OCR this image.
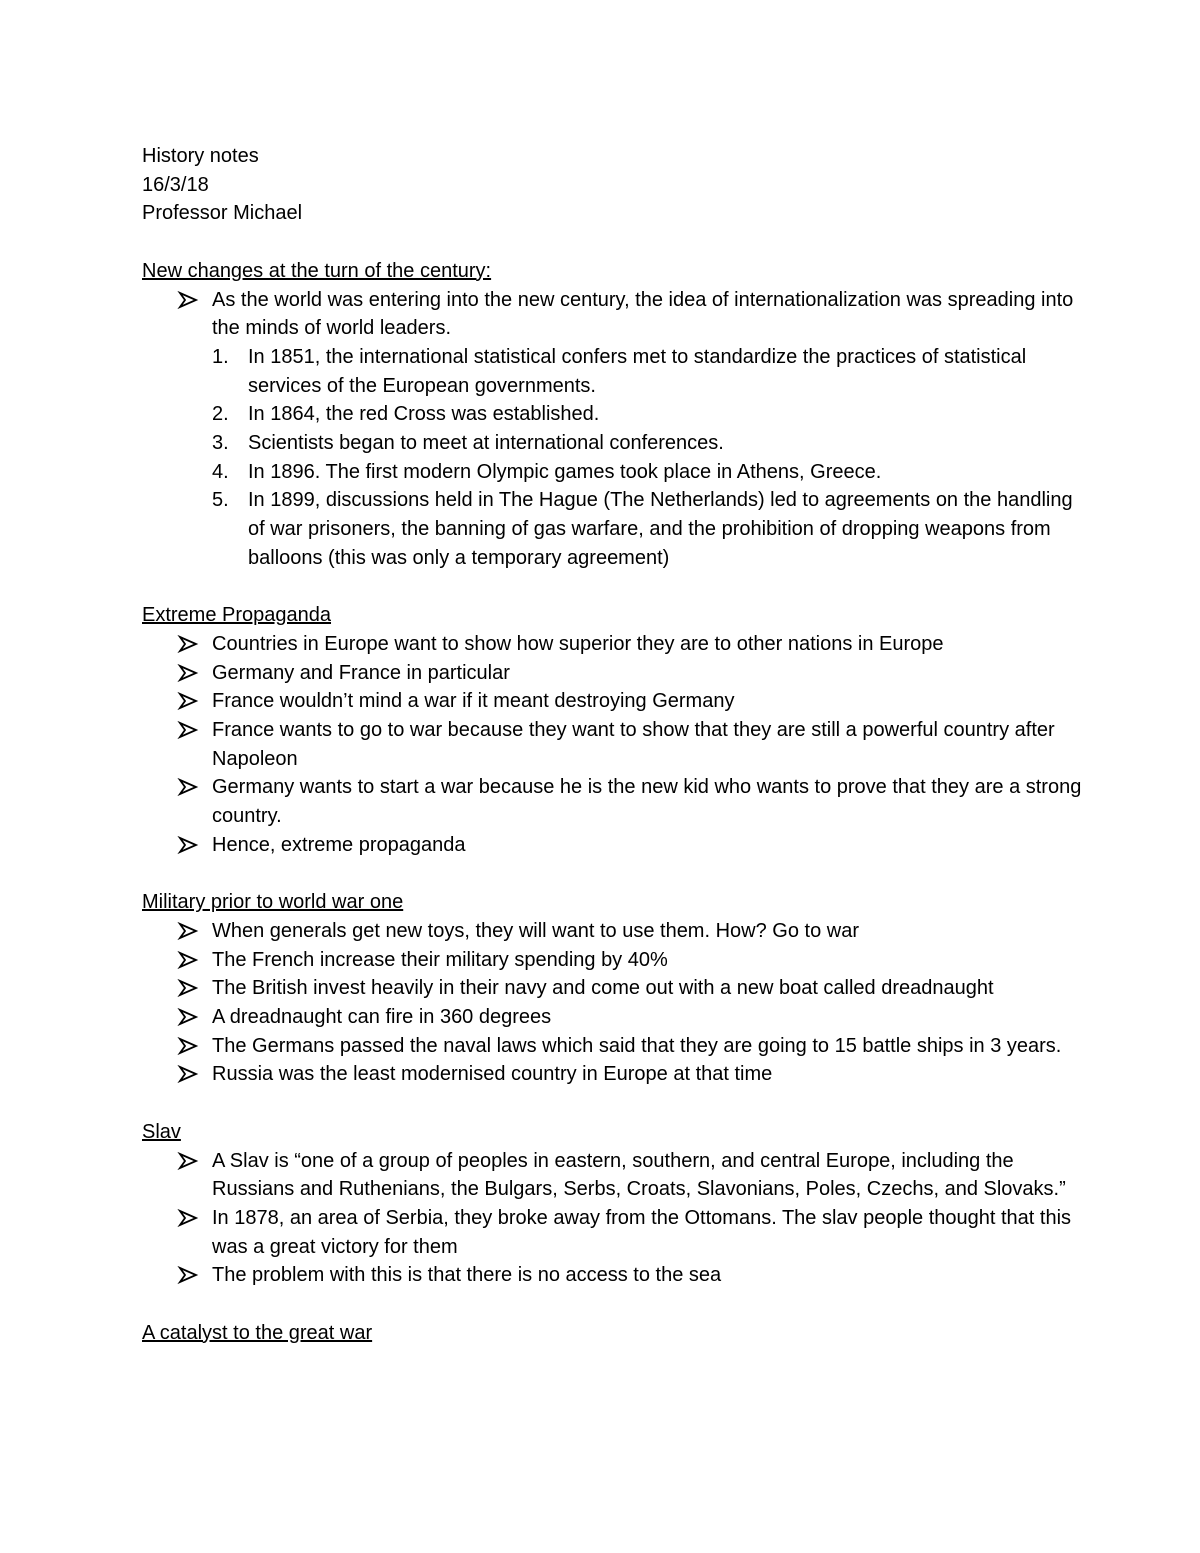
History notes
16/3/18
Professor Michael
New changes at the turn of the century:
As the world was entering into the new century, the idea of internationalization was spreading into the minds of world leaders.
1. In 1851, the international statistical confers met to standardize the practices of statistical services of the European governments.
2. In 1864, the red Cross was established.
3. Scientists began to meet at international conferences.
4. In 1896. The first modern Olympic games took place in Athens, Greece.
5. In 1899, discussions held in The Hague (The Netherlands) led to agreements on the handling of war prisoners, the banning of gas warfare, and the prohibition of dropping weapons from balloons (this was only a temporary agreement)
Extreme Propaganda
Countries in Europe want to show how superior they are to other nations in Europe
Germany and France in particular
France wouldn’t mind a war if it meant destroying Germany
France wants to go to war because they want to show that they are still a powerful country after Napoleon
Germany wants to start a war because he is the new kid who wants to prove that they are a strong country.
Hence, extreme propaganda
Military prior to world war one
When generals get new toys, they will want to use them. How? Go to war
The French increase their military spending by 40%
The British invest heavily in their navy and come out with a new boat called dreadnaught
A dreadnaught can fire in 360 degrees
The Germans passed the naval laws which said that they are going to 15 battle ships in 3 years.
Russia was the least modernised country in Europe at that time
Slav
A Slav is “one of a group of peoples in eastern, southern, and central Europe, including the Russians and Ruthenians, the Bulgars, Serbs, Croats, Slavonians, Poles, Czechs, and Slovaks.”
In 1878, an area of Serbia, they broke away from the Ottomans. The slav people thought that this was a great victory for them
The problem with this is that there is no access to the sea
A catalyst to the great war
